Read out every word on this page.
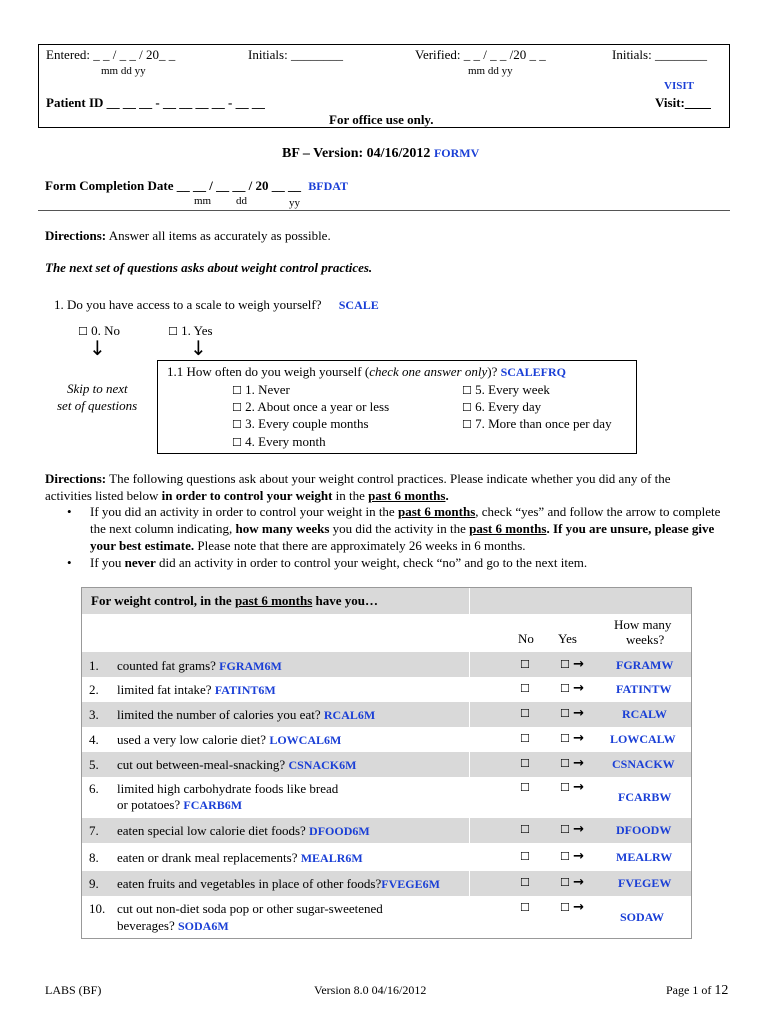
Entered: _ _ / _ _ / 20_ _
mm dd yy
Initials: ________	Verified: _ _ / _ _ /20 _ _
mm dd yy
Initials: ________
VISIT
Visit:____
Patient ID __ __ __ - __ __ __ __ - __ __
For office use only.
BF – Version: 04/16/2012 FORMV
Form Completion Date __ __ / __ __ / 20 __ __ BFDAT
mm dd	yy
Directions: Answer all items as accurately as possible.
The next set of questions asks about weight control practices.
1. Do you have access to a scale to weigh yourself? SCALE
☐ 0. No	☐ 1. Yes
↓	↓
Skip to next
set of questions
1.1 How often do you weigh yourself (check one answer only)? SCALEFRQ
☐ 1. Never
☐ 2. About once a year or less
☐ 3. Every couple months
☐ 4. Every month
☐ 5. Every week
☐ 6. Every day
☐ 7. More than once per day
Directions: The following questions ask about your weight control practices. Please indicate whether you did any of the
activities listed below in order to control your weight in the past 6 months.
• If you did an activity in order to control your weight in the past 6 months, check “yes” and follow the arrow to complete the next column indicating, how many weeks you did the activity in the past 6 months. If you are unsure, please give your best estimate. Please note that there are approximately 26 weeks in 6 months.
• If you never did an activity in order to control your weight, check “no” and go to the next item.
For weight control, in the past 6 months have you…
No Yes
How many
weeks?
1. counted fat grams? FGRAM6M	☐	☐ →	FGRAMW
2. limited fat intake? FATINT6M	☐	☐ →	FATINTW
3. limited the number of calories you eat? RCAL6M	☐	☐ →	RCALW
4. used a very low calorie diet? LOWCAL6M	☐	☐ → LOWCALW
5. cut out between-meal-snacking? CSNACK6M	☐	☐ → CSNACKW
6. limited high carbohydrate foods like bread
or potatoes? FCARB6M
☐	☐ →
FCARBW
7. eaten special low calorie diet foods? DFOOD6M	☐	☐ →	DFOODW
8. eaten or drank meal replacements? MEALR6M	☐	☐ →	MEALRW
9. eaten fruits and vegetables in place of other foods?FVEGE6M	☐	☐ →	FVEGEW
10. cut out non-diet soda pop or other sugar-sweetened
beverages? SODA6M
☐	☐ →
SODAW
LABS (BF)	Version 8.0 04/16/2012	Page 1 of 12
